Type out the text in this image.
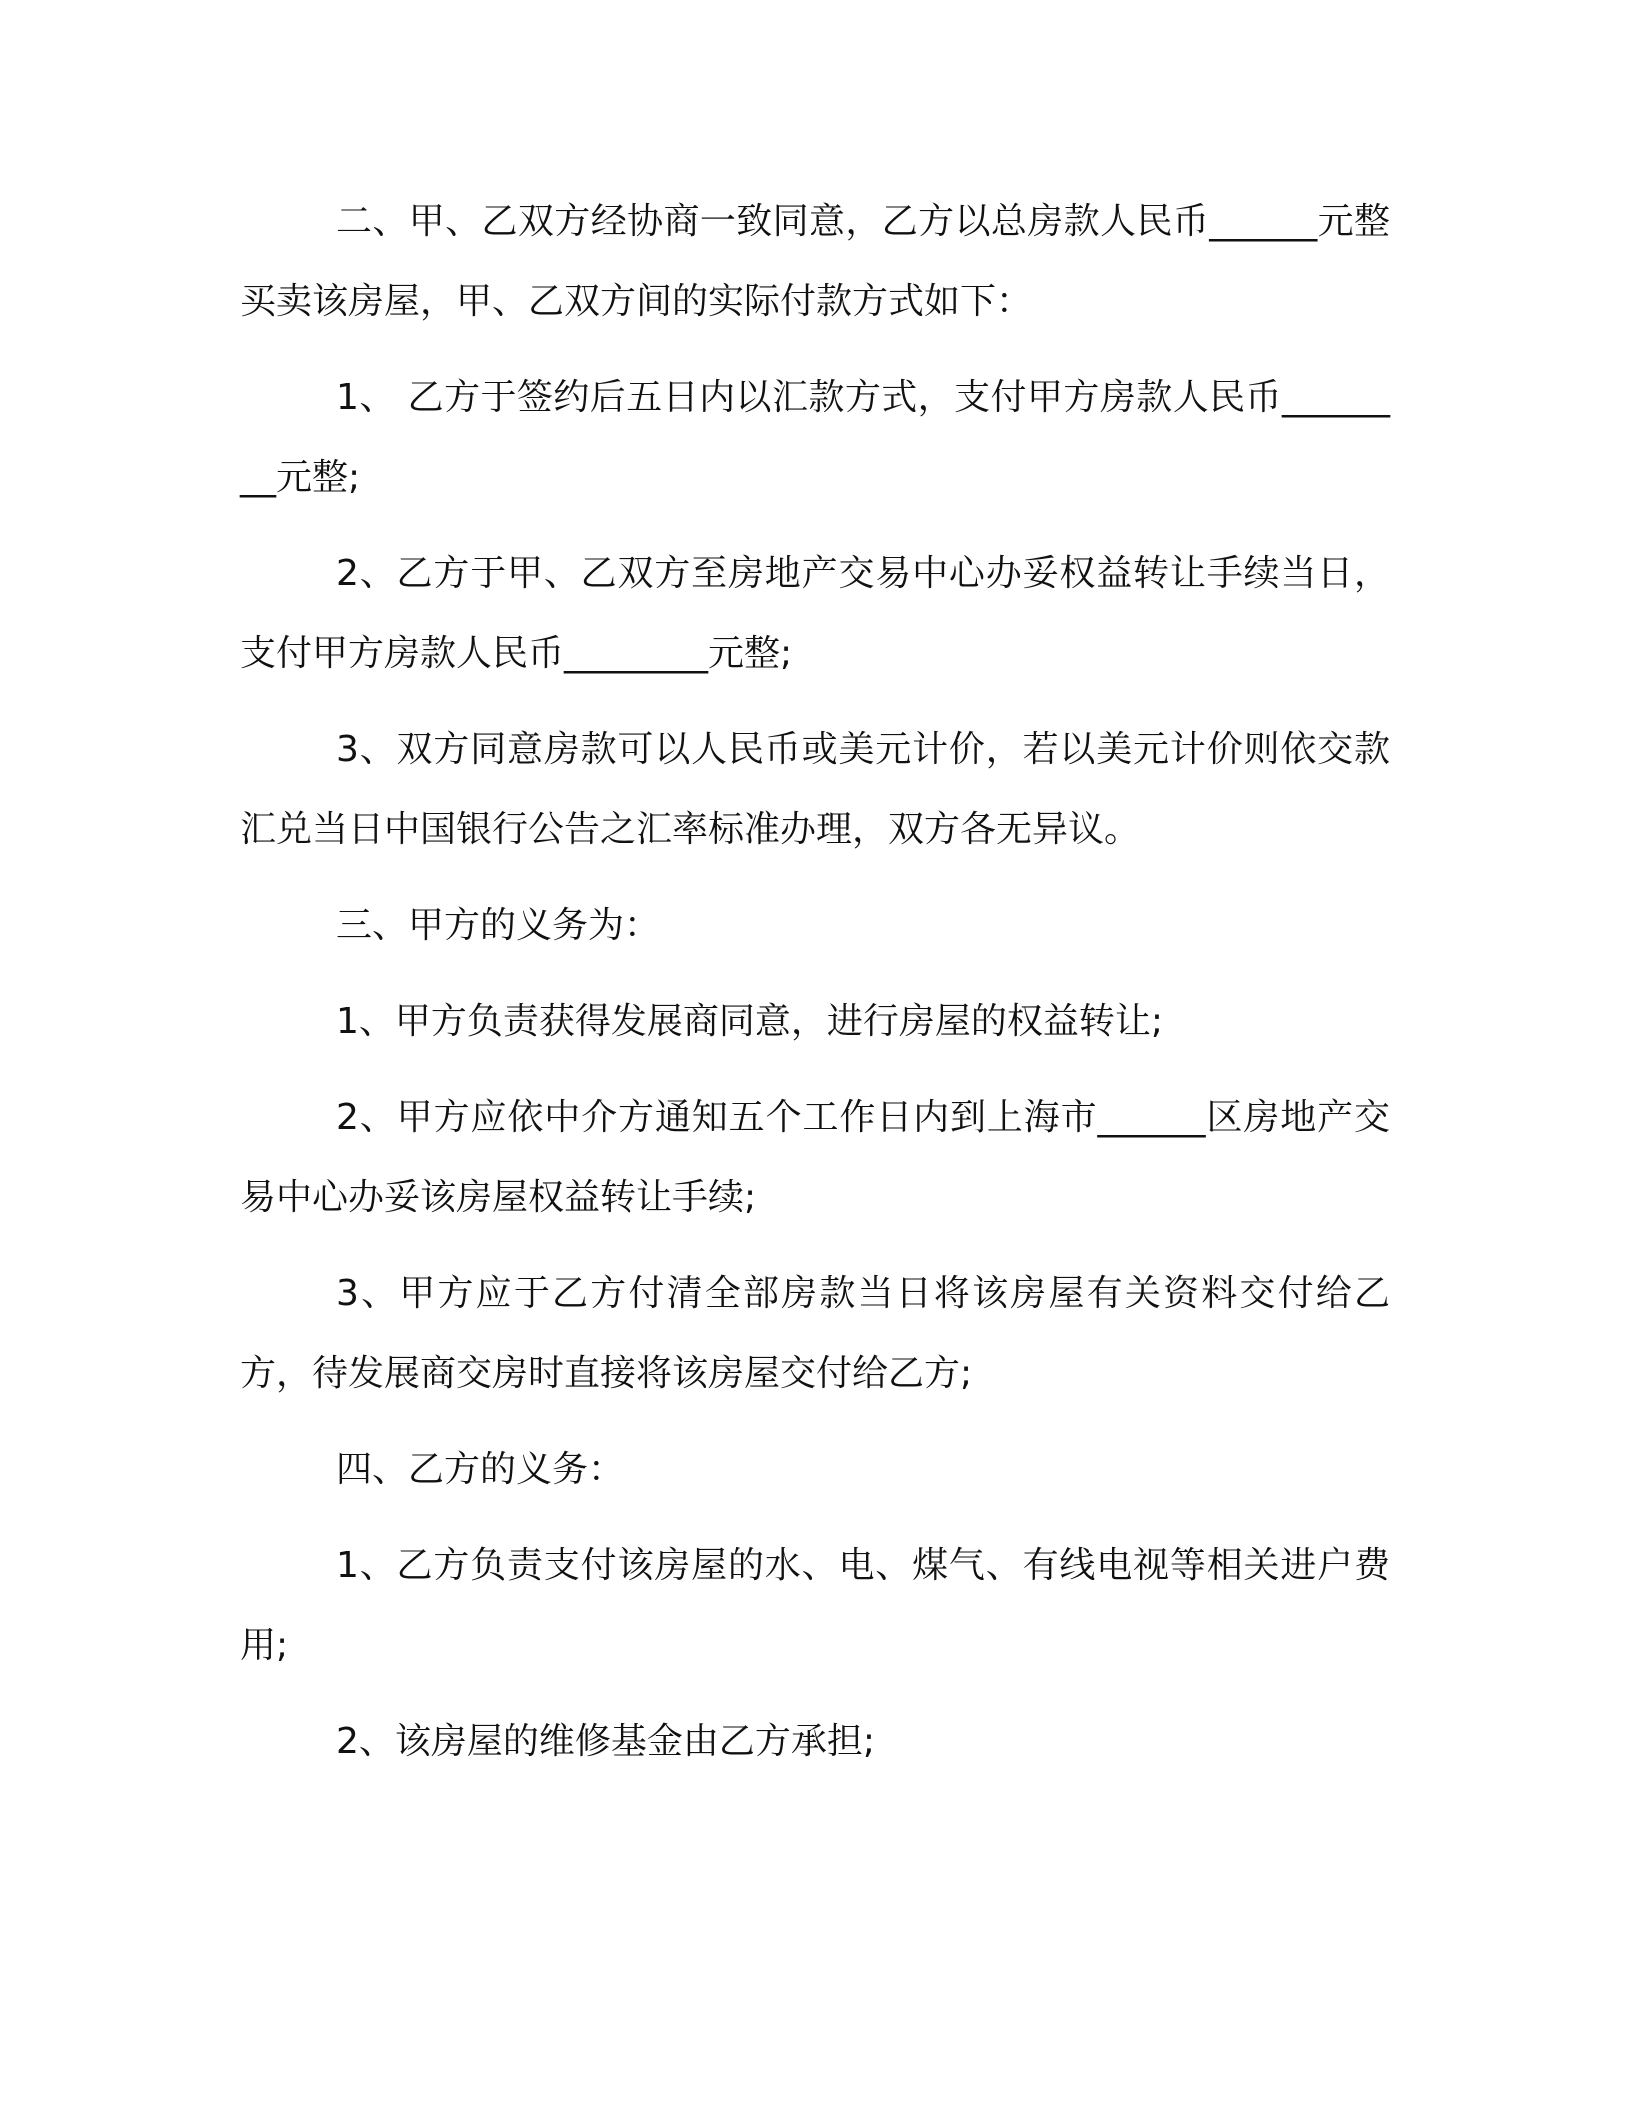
二、甲、乙双方经协商一致同意，乙方以总房款人民币______元整买卖该房屋，甲、乙双方间的实际付款方式如下：

1、 乙方于签约后五日内以汇款方式，支付甲方房款人民币________元整;

2、乙方于甲、乙双方至房地产交易中心办妥权益转让手续当日，支付甲方房款人民币________元整;

3、双方同意房款可以人民币或美元计价，若以美元计价则依交款汇兑当日中国银行公告之汇率标准办理，双方各无异议。

三、甲方的义务为：

1、甲方负责获得发展商同意，进行房屋的权益转让;

2、甲方应依中介方通知五个工作日内到上海市______区房地产交易中心办妥该房屋权益转让手续;

3、甲方应于乙方付清全部房款当日将该房屋有关资料交付给乙方，待发展商交房时直接将该房屋交付给乙方;

四、乙方的义务：

1、乙方负责支付该房屋的水、电、煤气、有线电视等相关进户费用;

2、该房屋的维修基金由乙方承担;
